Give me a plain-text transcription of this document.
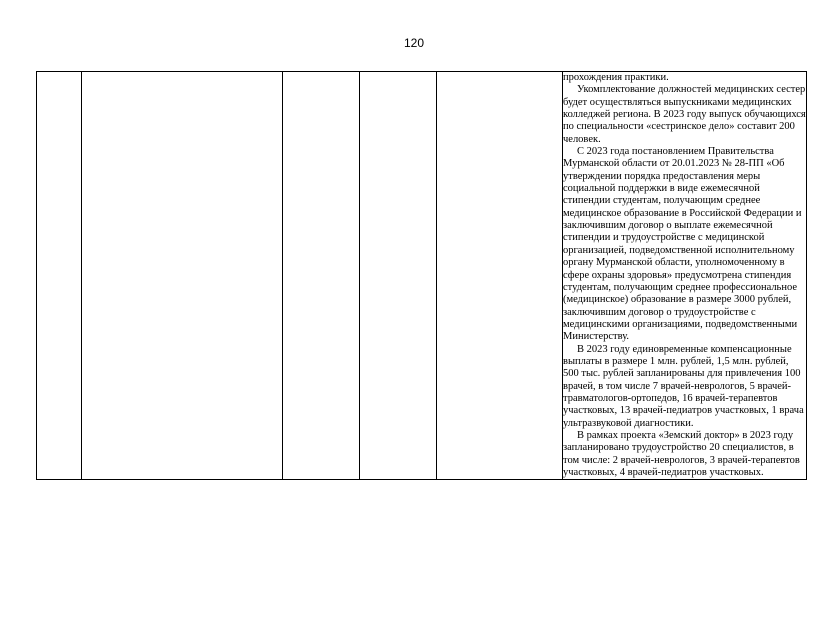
120

прохождения практики.

Укомплектование должностей медицинских сестер будет осуществляться выпускниками медицинских колледжей региона. В 2023 году выпуск обучающихся по специальности «сестринское дело» составит 200 человек.

С 2023 года постановлением Правительства Мурманской области от 20.01.2023 № 28-ПП «Об утверждении порядка предоставления меры социальной поддержки в виде ежемесячной стипендии студентам, получающим среднее медицинское образование в Российской Федерации и заключившим договор о выплате ежемесячной стипендии и трудоустройстве с медицинской организацией, подведомственной исполнительному органу Мурманской области, уполномоченному в сфере охраны здоровья» предусмотрена стипендия студентам, получающим среднее профессиональное (медицинское) образование в размере 3000 рублей, заключившим договор о трудоустройстве с медицинскими организациями, подведомственными Министерству.

В 2023 году единовременные компенсационные выплаты в размере 1 млн. рублей, 1,5 млн. рублей, 500 тыс. рублей запланированы для привлечения 100 врачей, в том числе 7 врачей-неврологов, 5 врачей-травматологов-ортопедов, 16 врачей-терапевтов участковых, 13 врачей-педиатров участковых, 1 врача ультразвуковой диагностики.

В рамках проекта «Земский доктор» в 2023 году запланировано трудоустройство 20 специалистов, в том числе: 2 врачей-неврологов, 3 врачей-терапевтов участковых, 4 врачей-педиатров участковых.
